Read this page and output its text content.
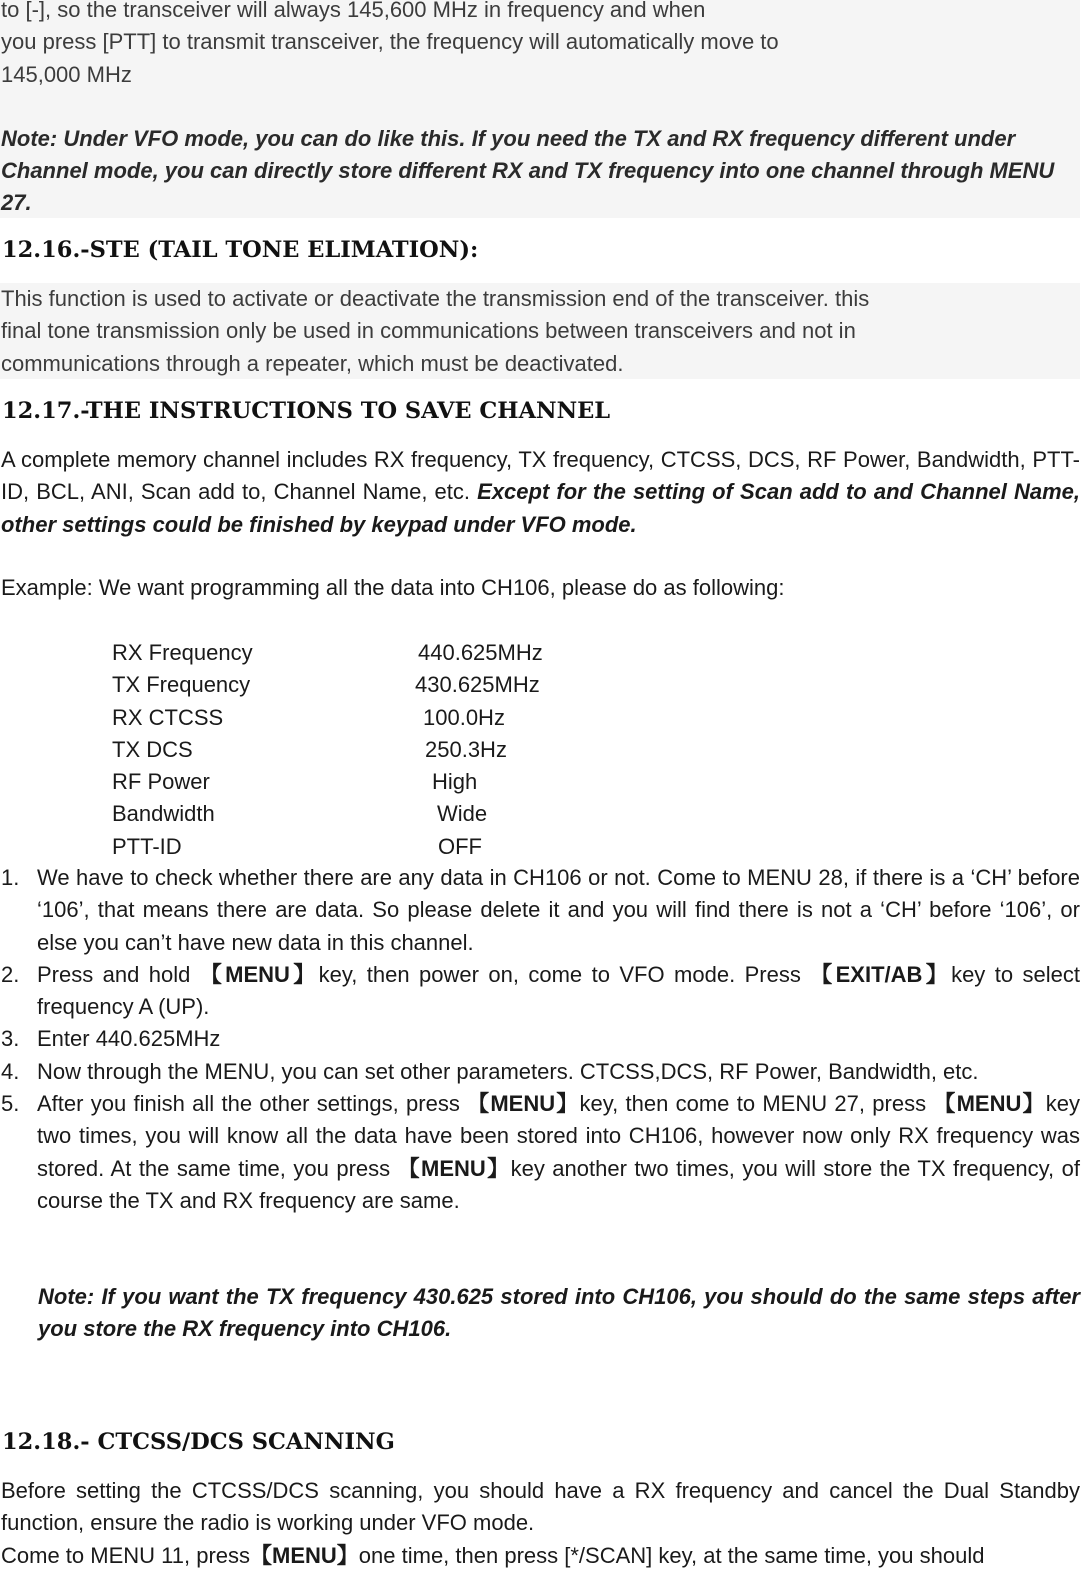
to [-], so the transceiver will always 145,600 MHz in frequency and when

you press [PTT] to transmit transceiver, the frequency will automatically move to

145,000 MHz

Note: Under VFO mode, you can do like this. If you need the TX and RX frequency different under Channel mode, you can directly store different RX and TX frequency into one channel through MENU 27.

12.16.-STE (TAIL TONE ELIMATION):

This function is used to activate or deactivate the transmission end of the transceiver. this

final tone transmission only be used in communications between transceivers and not in

communications through a repeater, which must be deactivated.

12.17.-THE INSTRUCTIONS TO SAVE CHANNEL

A complete memory channel includes RX frequency, TX frequency, CTCSS, DCS, RF Power, Bandwidth, PTT-ID, BCL, ANI, Scan add to, Channel Name, etc. Except for the setting of Scan add to and Channel Name, other settings could be finished by keypad under VFO mode.

Example: We want programming all the data into CH106, please do as following:

RX Frequency	440.625MHz
TX Frequency	430.625MHz
RX CTCSS	100.0Hz
TX DCS	250.3Hz
RF Power	High
Bandwidth	Wide
PTT-ID	OFF
1. We have to check whether there are any data in CH106 or not. Come to MENU 28, if there is a ‘CH’ before ‘106’, that means there are data. So please delete it and you will find there is not a ‘CH’ before ‘106’, or else you can’t have new data in this channel.
2. Press and hold 【MENU】key, then power on, come to VFO mode. Press 【EXIT/AB】key to select frequency A (UP).
3. Enter 440.625MHz
4. Now through the MENU, you can set other parameters. CTCSS,DCS, RF Power, Bandwidth, etc.
5. After you finish all the other settings, press 【MENU】key, then come to MENU 27, press 【MENU】key two times, you will know all the data have been stored into CH106, however now only RX frequency was stored. At the same time, you press 【MENU】key another two times, you will store the TX frequency, of course the TX and RX frequency are same.

Note: If you want the TX frequency 430.625 stored into CH106, you should do the same steps after you store the RX frequency into CH106.

12.18.- CTCSS/DCS SCANNING

Before setting the CTCSS/DCS scanning, you should have a RX frequency and cancel the Dual Standby function, ensure the radio is working under VFO mode.

Come to MENU 11, press【MENU】one time, then press [*/SCAN] key, at the same time, you should
